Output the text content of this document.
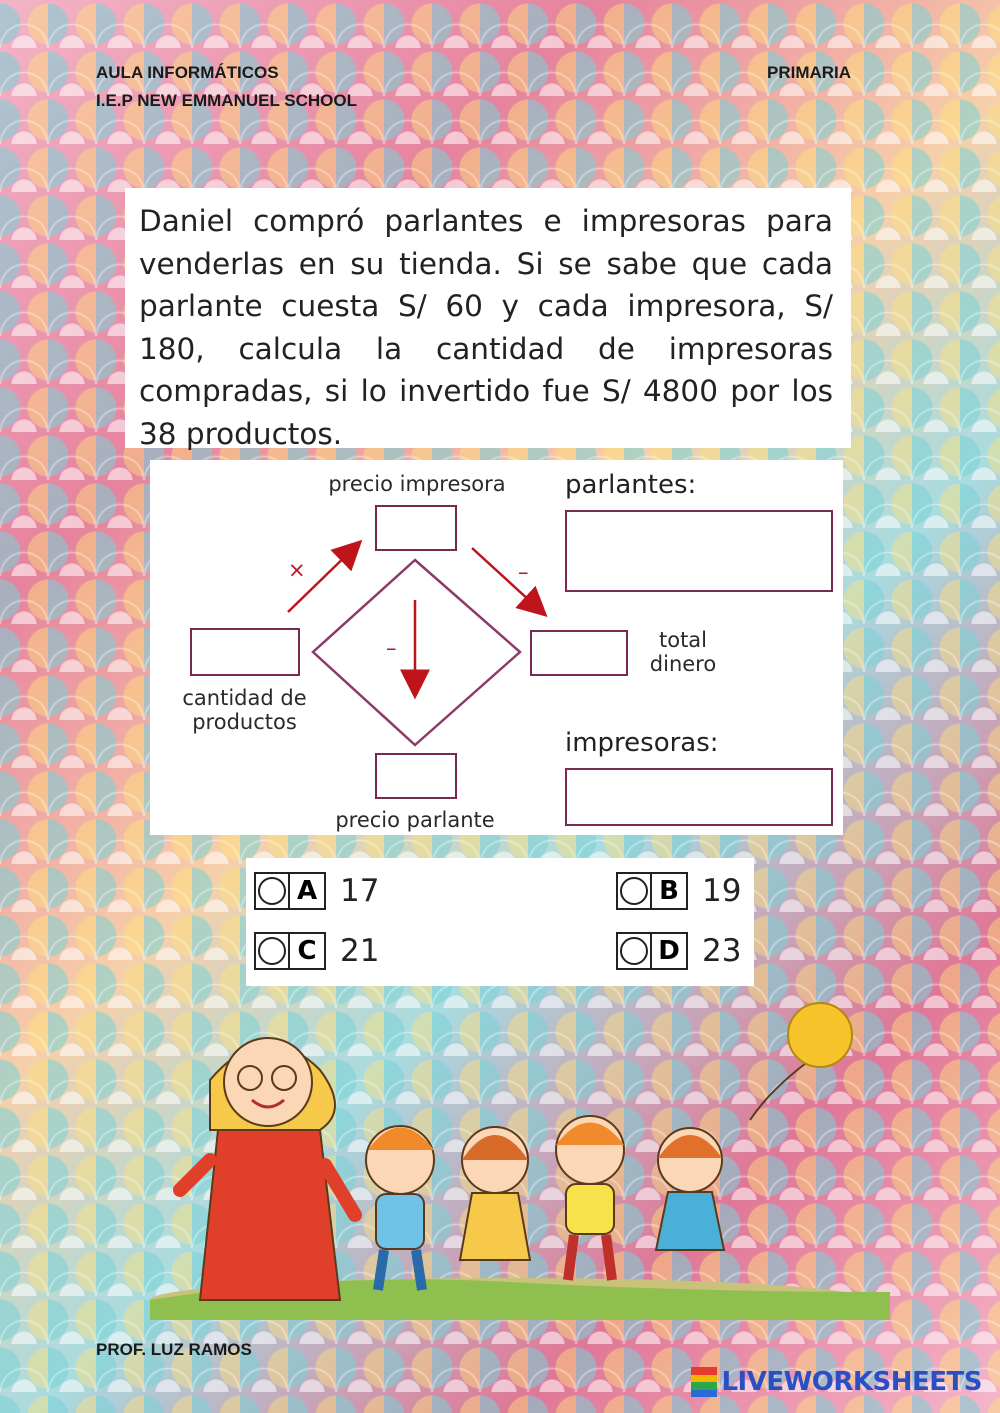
AULA INFORMÁTICOS
I.E.P NEW EMMANUEL SCHOOL
PRIMARIA

Daniel compró parlantes e impresoras para venderlas en su tienda. Si se sabe que cada parlante cuesta S/ 60 y cada impresora, S/ 180, calcula la cantidad de impresoras compradas, si lo invertido fue S/ 4800 por los 38 productos.

precio impresora
×	–
–
cantidad de productos
total dinero
precio parlante
parlantes:
impresoras:
A 17	B 19
C 21	D 23
PROF. LUZ RAMOS
LIVEWORKSHEETS
